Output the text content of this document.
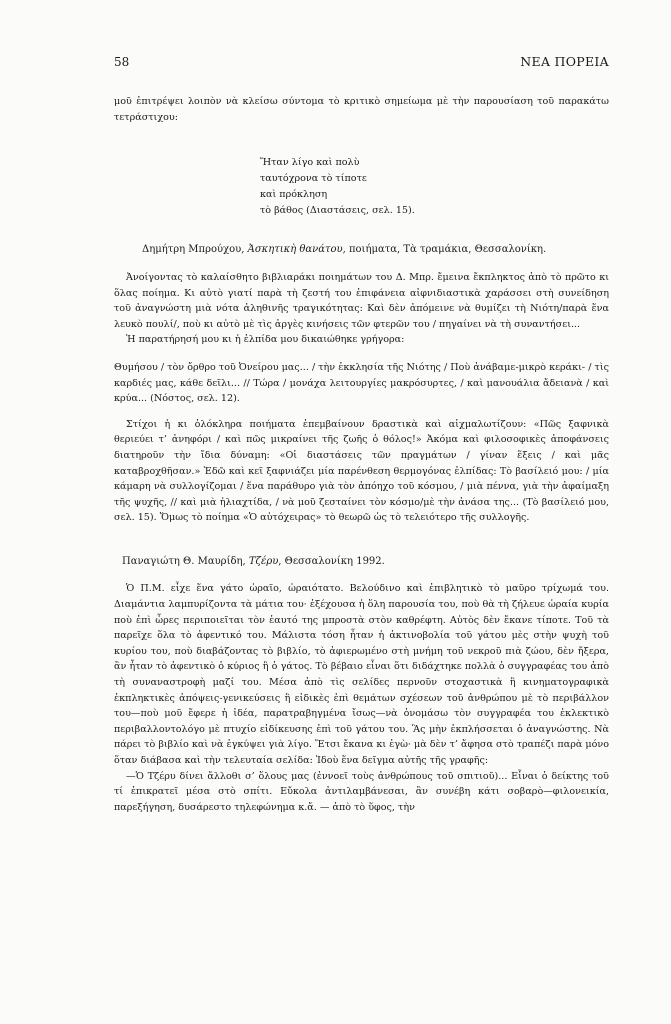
58	ΝΕΑ ΠΟΡΕΙΑ

μοῦ ἐπιτρέψει λοιπὸν νὰ κλείσω σύντομα τὸ κριτικὸ σημείωμα μὲ τὴν παρουσίαση τοῦ παρακάτω τετράστιχου:

Ἤταν λίγο καὶ πολὺ
ταυτόχρονα τὸ τίποτε
καὶ πρόκληση
τὸ βάθος (Διαστάσεις, σελ. 15).

Δημήτρη Μπρούχου, Ἀσκητικὴ θανάτου, ποιήματα, Τὰ τραμάκια, Θεσσαλονίκη.

Ἀνοίγοντας τὸ καλαίσθητο βιβλιαράκι ποιημάτων του Δ. Μπρ. ἔμεινα ἔκπληκτος ἀπὸ τὸ πρῶτο κι ὅλας ποίημα. Κι αὐτὸ γιατί παρὰ τὴ ζεστή του ἐπιφάνεια αἰφνιδιαστικὰ χαράσσει στὴ συνείδηση τοῦ ἀναγνώστη μιὰ νότα ἀληθινῆς τραγικότητας: Καὶ δὲν ἀπόμεινε νὰ θυμίζει τὴ Νιότη/παρὰ ἕνα λευκὸ πουλί/, ποὺ κι αὐτὸ μὲ τὶς ἀργὲς κινήσεις τῶν φτερῶν του / πηγαίνει νὰ τὴ συναντήσει...

Ἡ παρατήρησή μου κι ἡ ἐλπίδα μου δικαιώθηκε γρήγορα:

Θυμήσου / τὸν ὄρθρο τοῦ Ὀνείρου μας... / τὴν ἐκκλησία τῆς Νιότης / Ποὺ ἀνάβαμε-μικρὸ κεράκι- / τὶς καρδιές μας, κάθε δεῖλι... // Τώρα / μονάχα λειτουργίες μακρόσυρτες, / καὶ μανουάλια ἄδειανὰ / καὶ κρύα... (Νόστος, σελ. 12).

Στίχοι ἡ κι ὁλόκληρα ποιήματα ἐπεμβαίνουν δραστικὰ καὶ αἰχμαλωτίζουν: «Πῶς ξαφνικὰ θεριεύει τ’ ἀνηφόρι / καὶ πῶς μικραίνει τῆς ζωῆς ὁ θόλος!» Ἀκόμα καὶ φιλοσοφικὲς ἀποφάνσεις διατηροῦν τὴν ἴδια δύναμη: «Οἱ διαστάσεις τῶν πραγμάτων / γίναν ἕξεις / καὶ μᾶς καταβροχθῆσαν.» Ἐδῶ καὶ κεῖ ξαφνιάζει μία παρένθεση θερμογόνας ἐλπίδας: Τὸ βασίλειό μου: / μία κάμαρη νὰ συλλογίζομαι / ἕνα παράθυρο γιὰ τὸν ἀπόηχο τοῦ κόσμου, / μιὰ πέννα, γιὰ τὴν ἀφαίμαξη τῆς ψυχῆς, // καὶ μιὰ ἡλιαχτίδα, / νὰ μοῦ ζεσταίνει τὸν κόσμο/μὲ τὴν ἀνάσα της... (Τὸ βασίλειό μου, σελ. 15). Ὅμως τὸ ποίημα «Ὁ αὐτόχειρας» τὸ θεωρῶ ὡς τὸ τελειότερο τῆς συλλογῆς.

Παναγιώτη Θ. Μαυρίδη, Τζέρυ, Θεσσαλονίκη 1992.

Ὁ Π.Μ. εἶχε ἕνα γάτο ὡραῖο, ὡραιότατο. Βελούδινο καὶ ἐπιβλητικὸ τὸ μαῦρο τρίχωμά του. Διαμάντια λαμπυρίζοντα τὰ μάτια του· ἐξέχουσα ἡ ὅλη παρουσία του, ποὺ θὰ τὴ ζήλευε ὡραία κυρία ποὺ ἐπὶ ὧρες περιποιεῖται τὸν ἑαυτό της μπροστὰ στὸν καθρέφτη. Αὐτὸς δὲν ἔκανε τίποτε. Τοῦ τὰ παρεῖχε ὅλα τὸ ἀφεντικό του. Μάλιστα τόση ἦταν ἡ ἀκτινοβολία τοῦ γάτου μὲς στὴν ψυχὴ τοῦ κυρίου του, ποὺ διαβάζοντας τὸ βιβλίο, τὸ ἀφιερωμένο στὴ μνήμη τοῦ νεκροῦ πιὰ ζώου, δὲν ἤξερα, ἂν ἦταν τὸ ἀφεντικὸ ὁ κύριος ἢ ὁ γάτος. Τὸ βέβαιο εἶναι ὅτι διδάχτηκε πολλὰ ὁ συγγραφέας του ἀπὸ τὴ συναναστροφὴ μαζί του. Μέσα ἀπὸ τὶς σελίδες περνοῦν στοχαστικὰ ἢ κινηματογραφικὰ ἐκπληκτικὲς ἀπόψεις-γενικεύσεις ἢ εἰδικὲς ἐπὶ θεμάτων σχέσεων τοῦ ἀνθρώπου μὲ τὸ περιβάλλον του—ποὺ μοῦ ἔφερε ἡ ἰδέα, παρατραβηγμένα ἴσως—νὰ ὀνομάσω τὸν συγγραφέα του ἐκλεκτικὸ περιβαλλοντολόγο μὲ πτυχίο εἰδίκευσης ἐπὶ τοῦ γάτου του. Ἂς μὴν ἐκπλήσσεται ὁ ἀναγνώστης. Νὰ πάρει τὸ βιβλίο καὶ νὰ ἐγκύψει γιὰ λίγο. Ἔτσι ἔκανα κι ἐγὼ· μὰ δὲν τ’ ἄφησα στὸ τραπέζι παρὰ μόνο ὅταν διάβασα καὶ τὴν τελευταία σελίδα: Ἰδοὺ ἕνα δεῖγμα αὐτῆς τῆς γραφῆς:

—Ὁ Τζέρυ δίνει ἄλλοθι σ’ ὅλους μας (ἐννοεῖ τοὺς ἀνθρώπους τοῦ σπιτιοῦ)... Εἶναι ὁ δείκτης τοῦ τί ἐπικρατεῖ μέσα στὸ σπίτι. Εὔκολα ἀντιλαμβάνεσαι, ἂν συνέβη κάτι σοβαρὸ—φιλονεικία, παρεξήγηση, δυσάρεστο τηλεφώνημα κ.ἄ. — ἀπὸ τὸ ὕφος, τὴν
